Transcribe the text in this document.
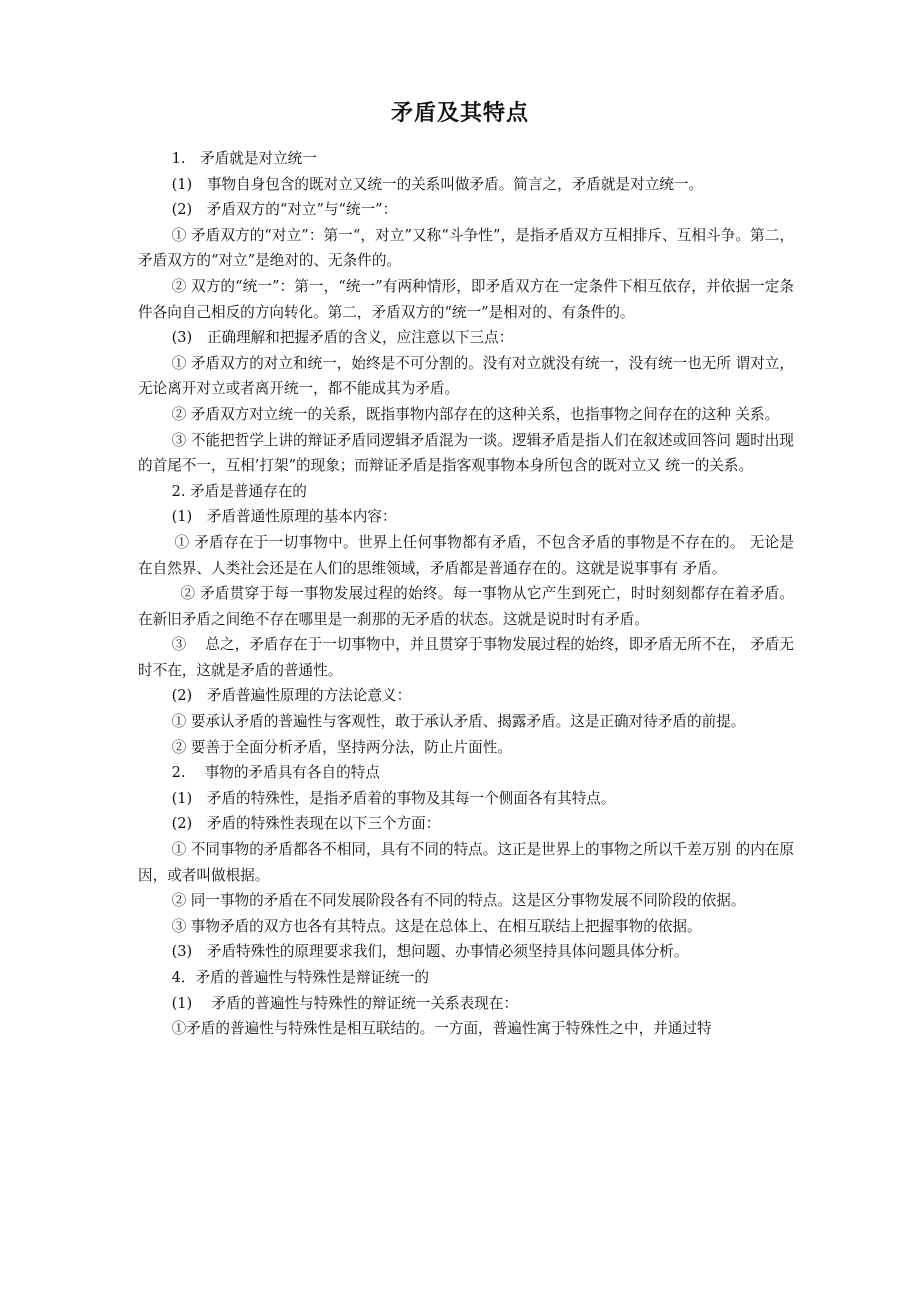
矛盾及其特点

1.　矛盾就是对立统一

(1)　事物自身包含的既对立又统一的关系叫做矛盾。简言之，矛盾就是对立统一。

(2)　矛盾双方的“对立”与“统一”：

① 矛盾双方的“对立”：第一“，对立”又称“斗争性”，是指矛盾双方互相排斥、互相斗争。第二，矛盾双方的“对立”是绝对的、无条件的。

② 双方的“统一”：第一，“统一”有两种情形，即矛盾双方在一定条件下相互依存，并依据一定条件各向自己相反的方向转化。第二，矛盾双方的“统一”是相对的、有条件的。

(3)　正确理解和把握矛盾的含义，应注意以下三点：

① 矛盾双方的对立和统一，始终是不可分割的。没有对立就没有统一，没有统一也无所 谓对立，无论离开对立或者离开统一，都不能成其为矛盾。

② 矛盾双方对立统一的关系，既指事物内部存在的这种关系，也指事物之间存在的这种 关系。

③ 不能把哲学上讲的辩证矛盾同逻辑矛盾混为一谈。逻辑矛盾是指人们在叙述或回答问 题时出现的首尾不一，互相’打架”的现象；而辩证矛盾是指客观事物本身所包含的既对立又 统一的关系。

2. 矛盾是普通存在的

(1)　矛盾普通性原理的基本内容：

① 矛盾存在于一切事物中。世界上任何事物都有矛盾，不包含矛盾的事物是不存在的。 无论是在自然界、人类社会还是在人们的思维领域，矛盾都是普通存在的。这就是说事事有 矛盾。

② 矛盾贯穿于每一事物发展过程的始终。每一事物从它产生到死亡，时时刻刻都存在着矛盾。在新旧矛盾之间绝不存在哪里是一刹那的无矛盾的状态。这就是说时时有矛盾。

③　 总之，矛盾存在于一切事物中，并且贯穿于事物发展过程的始终，即矛盾无所不在， 矛盾无时不在，这就是矛盾的普通性。

(2)　矛盾普遍性原理的方法论意义：

① 要承认矛盾的普遍性与客观性，敢于承认矛盾、揭露矛盾。这是正确对待矛盾的前提。

② 要善于全面分析矛盾，坚持两分法，防止片面性。

2.　 事物的矛盾具有各自的特点

(1)　矛盾的特殊性，是指矛盾着的事物及其每一个侧面各有其特点。

(2)　矛盾的特殊性表现在以下三个方面：

① 不同事物的矛盾都各不相同，具有不同的特点。这正是世界上的事物之所以千差万别 的内在原因，或者叫做根据。

② 同一事物的矛盾在不同发展阶段各有不同的特点。这是区分事物发展不同阶段的依据。

③ 事物矛盾的双方也各有其特点。这是在总体上、在相互联结上把握事物的依据。

(3)　矛盾特殊性的原理要求我们，想问题、办事情必须坚持具体问题具体分析。

4．矛盾的普遍性与特殊性是辩证统一的

(1)　 矛盾的普遍性与特殊性的辩证统一关系表现在：

①矛盾的普遍性与特殊性是相互联结的。一方面，普遍性寓于特殊性之中，并通过特
